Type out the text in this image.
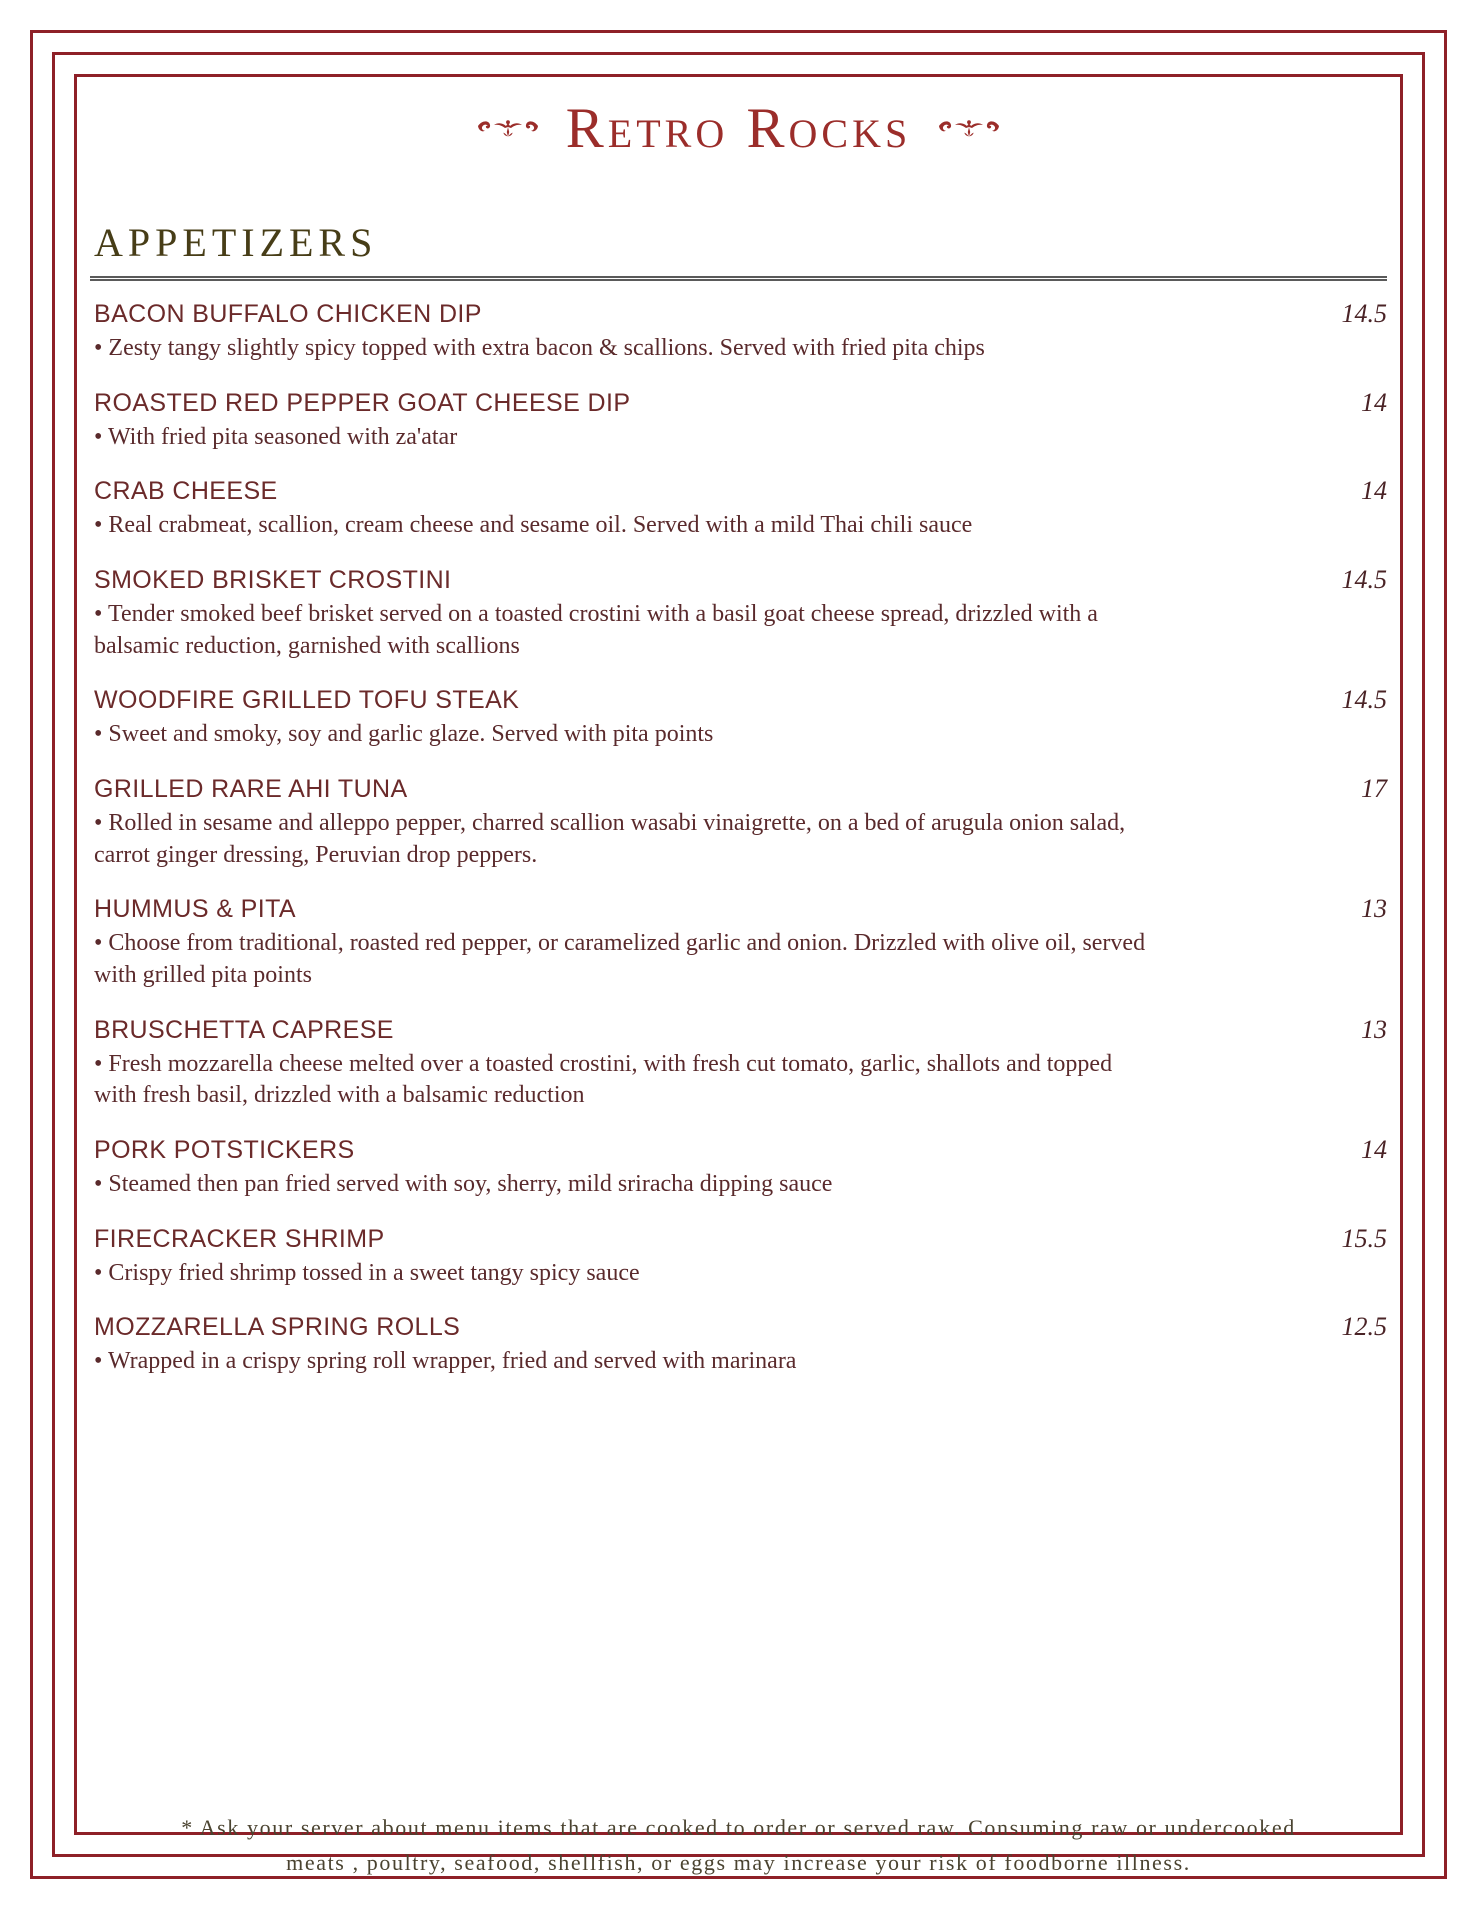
Retro Rocks
APPETIZERS
BACON BUFFALO CHICKEN DIP	14.5
• Zesty tangy slightly spicy topped with extra bacon & scallions. Served with fried pita chips
ROASTED RED PEPPER GOAT CHEESE DIP	14
• With fried pita seasoned with za'atar
CRAB CHEESE	14
• Real crabmeat, scallion, cream cheese and sesame oil. Served with a mild Thai chili sauce
SMOKED BRISKET CROSTINI	14.5
• Tender smoked beef brisket served on a toasted crostini with a basil goat cheese spread, drizzled with a balsamic reduction, garnished with scallions
WOODFIRE GRILLED TOFU STEAK	14.5
• Sweet and smoky, soy and garlic glaze. Served with pita points
GRILLED RARE AHI TUNA	17
• Rolled in sesame and alleppo pepper, charred scallion wasabi vinaigrette, on a bed of arugula onion salad, carrot ginger dressing, Peruvian drop peppers.
HUMMUS & PITA	13
• Choose from traditional, roasted red pepper, or caramelized garlic and onion. Drizzled with olive oil, served with grilled pita points
BRUSCHETTA CAPRESE	13
• Fresh mozzarella cheese melted over a toasted crostini, with fresh cut tomato, garlic, shallots and topped with fresh basil, drizzled with a balsamic reduction
PORK POTSTICKERS	14
• Steamed then pan fried served with soy, sherry, mild sriracha dipping sauce
FIRECRACKER SHRIMP	15.5
• Crispy fried shrimp tossed in a sweet tangy spicy sauce
MOZZARELLA SPRING ROLLS	12.5
• Wrapped in a crispy spring roll wrapper, fried and served with marinara
* Ask your server about menu items that are cooked to order or served raw. Consuming raw or undercooked meats , poultry, seafood, shellfish, or eggs may increase your risk of foodborne illness.
